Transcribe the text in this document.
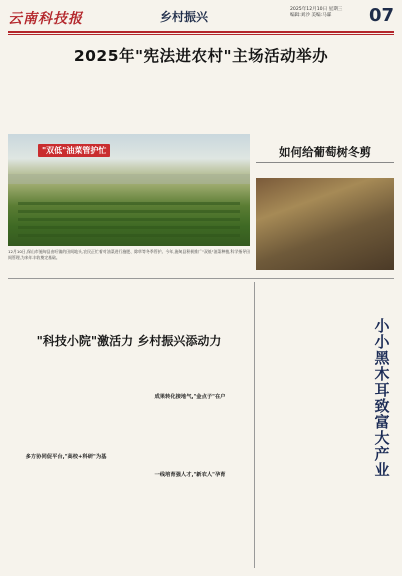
云南科技报	乡村振兴
2025年12月10日 星期三
编辑:刘沙 美编:马霖	07
2025年"宪法进农村"主场活动举办
"双低"油菜管护忙
12月10日,保山市施甸县由旺镇的田间地头,农民正忙着对油菜进行施肥、除草等冬季管护。今年,施甸县积极推广"双低"油菜种植,科学指导田间管理,为来年丰收奠定基础。
如何给葡萄树冬剪
"科技小院"激活力 乡村振兴添动力
多方协同促平台,"高校+科研"为基
成果转化接地气,"金点子"在户
一线培育强人才,"新农人"孕育
小小黑木耳 致富大产业
